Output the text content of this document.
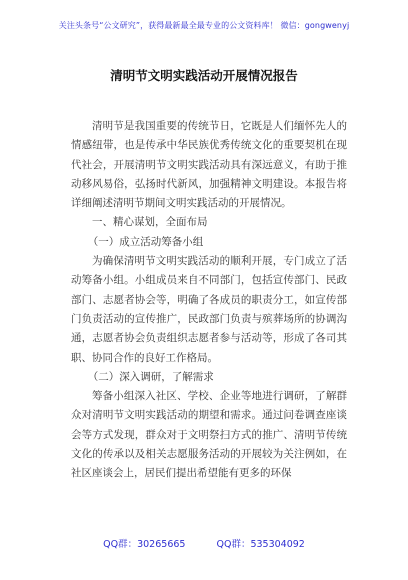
关注头条号“公文研究”，获得最新最全最专业的公文资料库！ 微信：gongwenyj
清明节文明实践活动开展情况报告

清明节是我国重要的传统节日，它既是人们缅怀先人的情感纽带，也是传承中华民族优秀传统文化的重要契机在现代社会，开展清明节文明实践活动具有深远意义，有助于推动移风易俗，弘扬时代新风，加强精神文明建设。本报告将详细阐述清明节期间文明实践活动的开展情况。

一、精心谋划，全面布局

（一）成立活动筹备小组

为确保清明节文明实践活动的顺利开展，专门成立了活动筹备小组。小组成员来自不同部门，包括宣传部门、民政部门、志愿者协会等，明确了各成员的职责分工，如宣传部门负责活动的宣传推广，民政部门负责与殡葬场所的协调沟通，志愿者协会负责组织志愿者参与活动等，形成了各司其职、协同合作的良好工作格局。

（二）深入调研，了解需求

筹备小组深入社区、学校、企业等地进行调研，了解群众对清明节文明实践活动的期望和需求。通过问卷调查座谈会等方式发现，群众对于文明祭扫方式的推广、清明节传统文化的传承以及相关志愿服务活动的开展较为关注例如，在社区座谈会上，居民们提出希望能有更多的环保

QQ群：30265665	QQ群：535304092
